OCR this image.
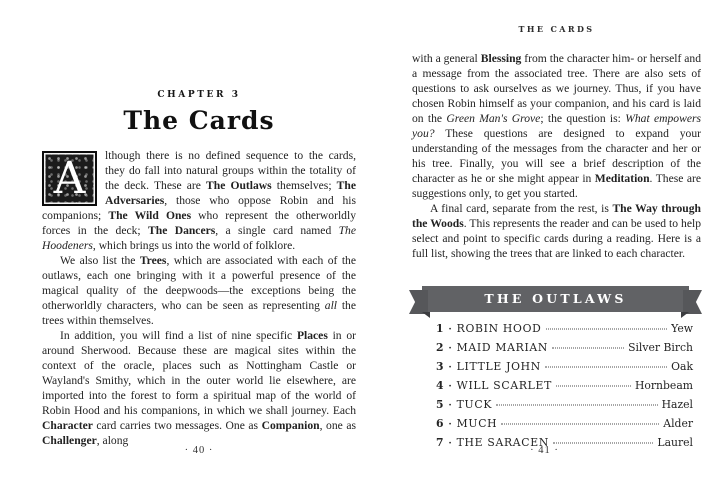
CHAPTER 3
The Cards
A	lthough there is no defined sequence to the cards, they do fall into natural groups within the totality of the deck. These are The Outlaws themselves; The Adversaries, those who oppose Robin and his companions; The Wild Ones who represent the otherworldly forces in the deck; The Dancers, a single card named The Hoodeners, which brings us into the world of folklore.

We also list the Trees, which are associated with each of the outlaws, each one bringing with it a powerful presence of the magical quality of the deepwoods—the exceptions being the otherworldly characters, who can be seen as representing all the trees within themselves.

In addition, you will find a list of nine specific Places in or around Sherwood. Because these are magical sites within the context of the oracle, places such as Nottingham Castle or Wayland's Smithy, which in the outer world lie elsewhere, are imported into the forest to form a spiritual map of the world of Robin Hood and his companions, in which we shall journey. Each Character card carries two messages. One as Companion, one as Challenger, along

· 40 ·
THE CARDS

with a general Blessing from the character him- or herself and a message from the associated tree. There are also sets of questions to ask ourselves as we journey. Thus, if you have chosen Robin himself as your companion, and his card is laid on the Green Man's Grove; the question is: What empowers you? These questions are designed to expand your understanding of the messages from the character and her or his tree. Finally, you will see a brief description of the character as he or she might appear in Meditation. These are suggestions only, to get you started.

A final card, separate from the rest, is The Way through the Woods. This represents the reader and can be used to help select and point to specific cards during a reading. Here is a full list, showing the trees that are linked to each character.

THE OUTLAWS
1 · ROBIN HOOD	Yew
2 · MAID MARIAN	Silver Birch
3 · LITTLE JOHN	Oak
4 · WILL SCARLET	Hornbeam
5 · TUCK	Hazel
6 · MUCH	Alder
7 · THE SARACEN	Laurel
· 41 ·
